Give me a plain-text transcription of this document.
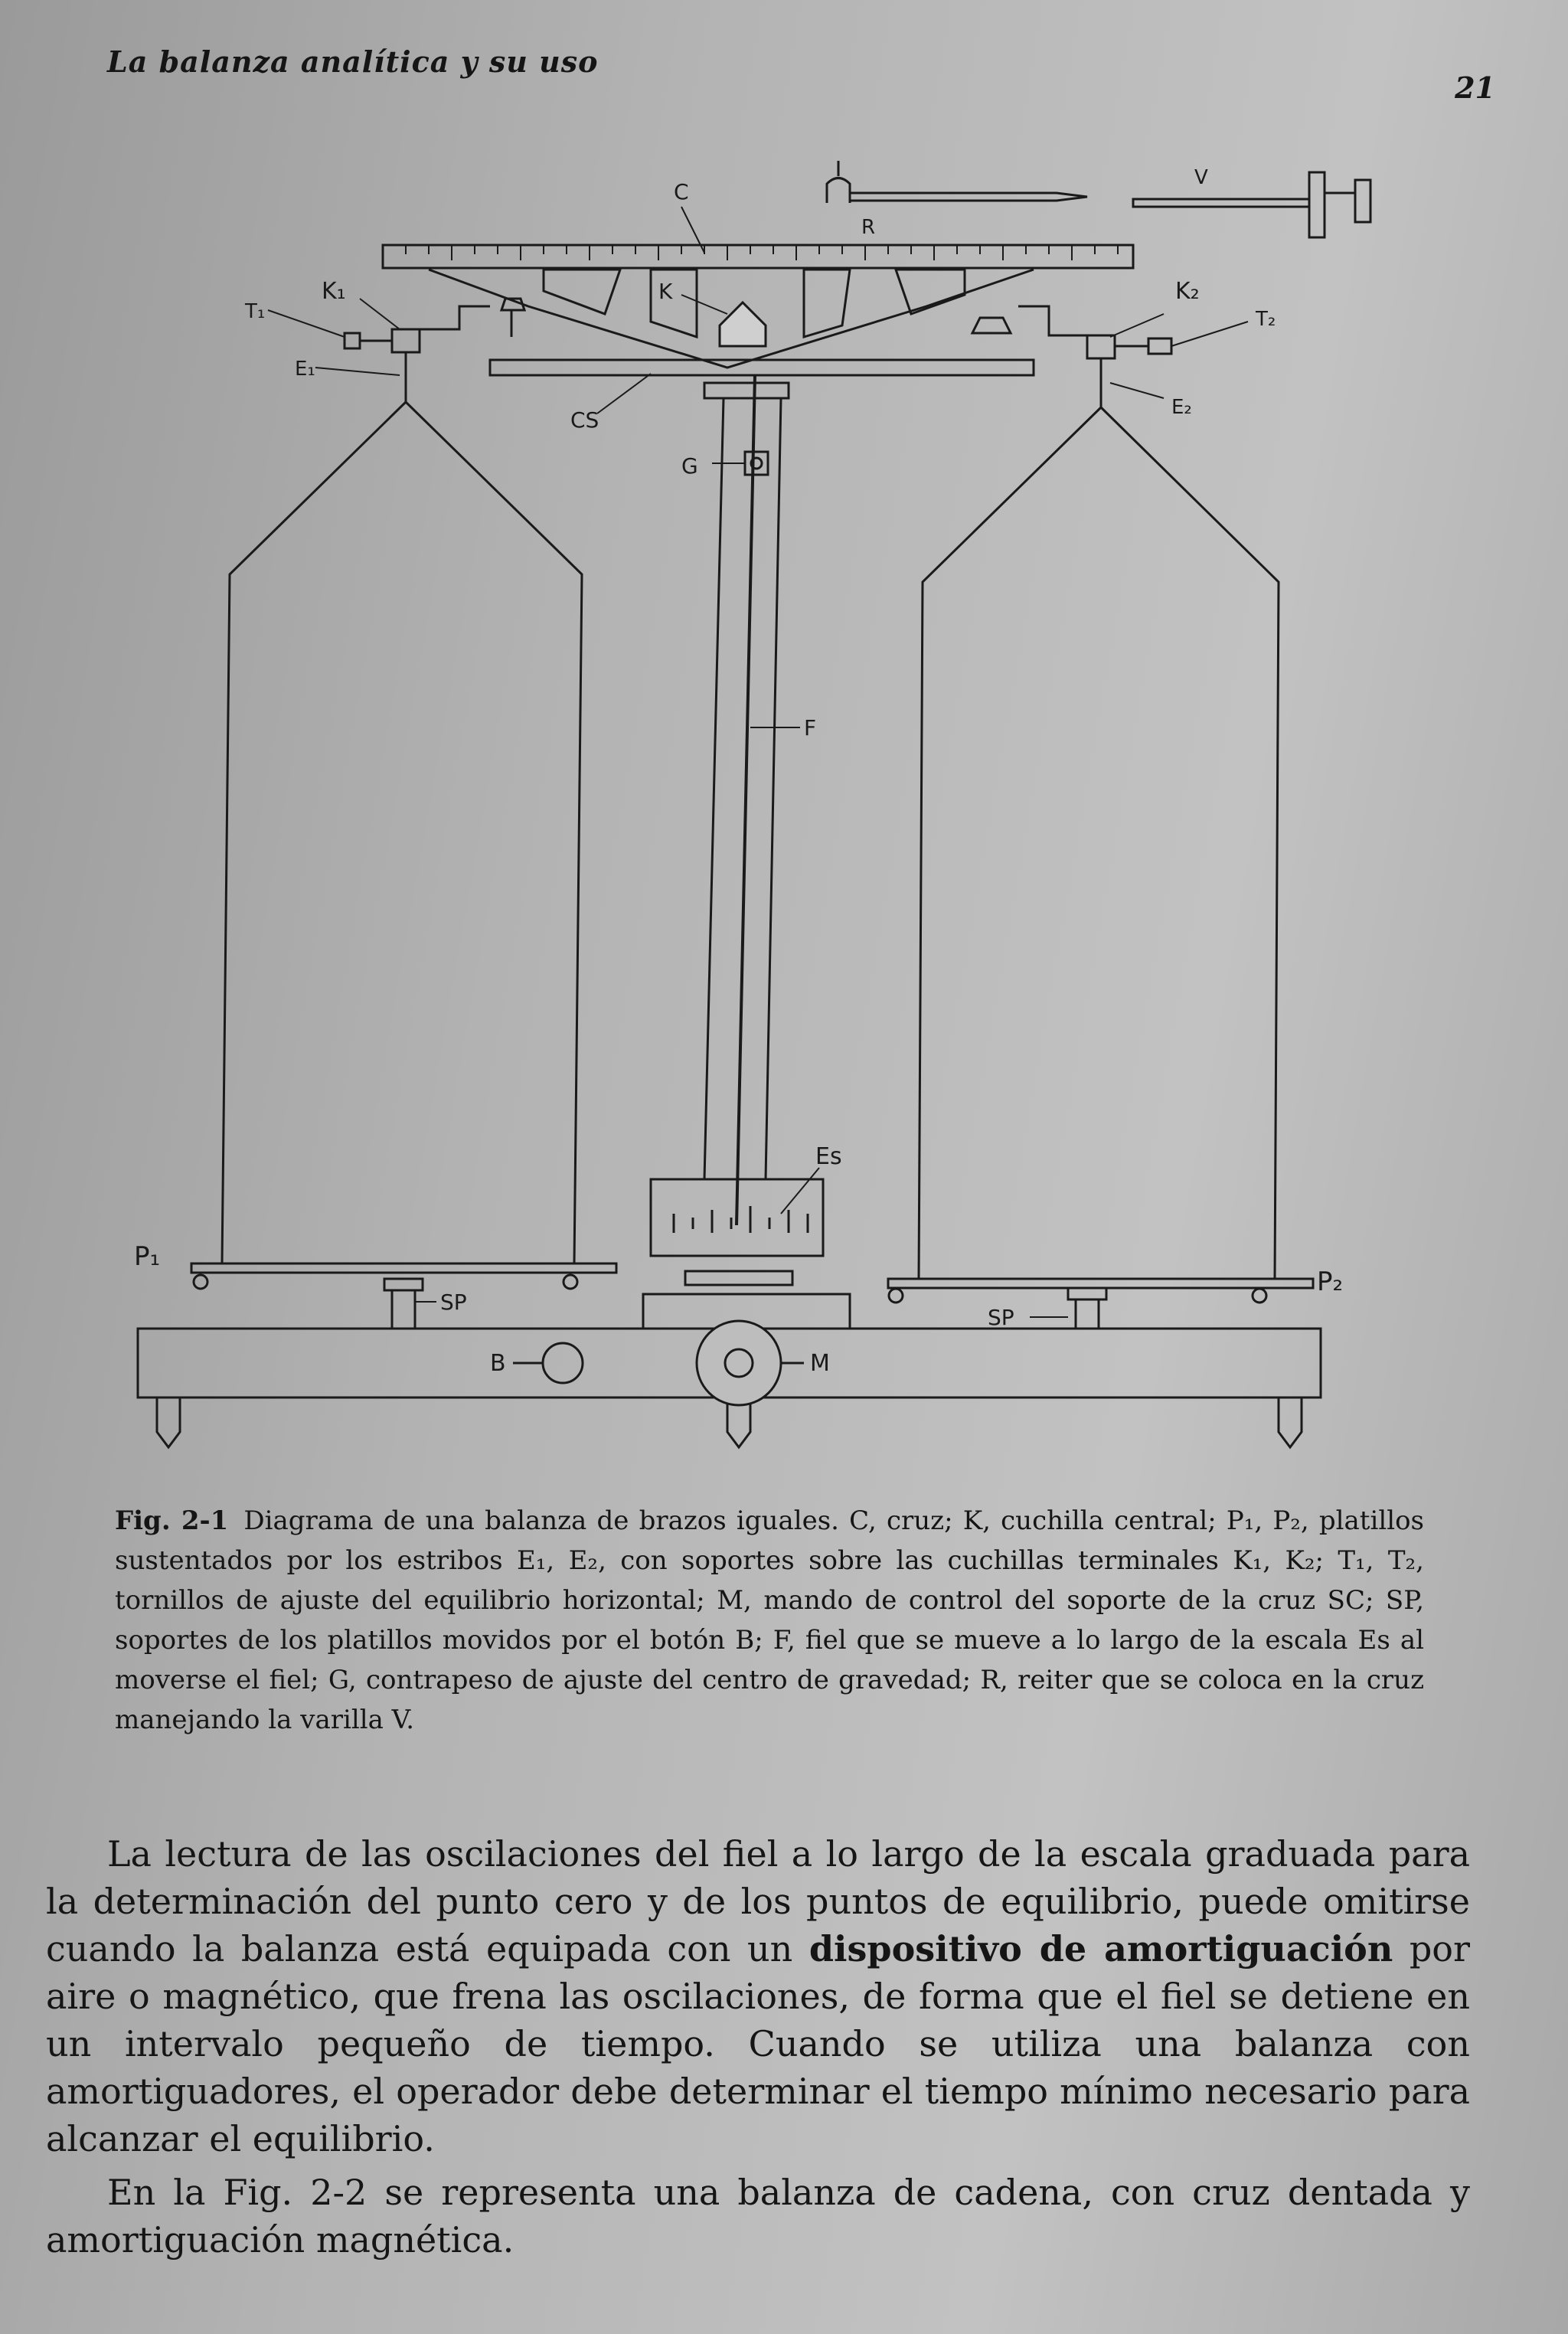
La balanza analítica y su uso
21
C
R
V
K₁
T₁
K
E₁
CS
G
F
Es
K₂
T₂
E₂
P₁
P₂
SP
SP
B	M
Fig. 2-1 Diagrama de una balanza de brazos iguales. C, cruz; K, cuchilla central; P₁, P₂, platillos sustentados por los estribos E₁, E₂, con soportes sobre las cuchillas terminales K₁, K₂; T₁, T₂, tornillos de ajuste del equilibrio horizontal; M, mando de control del soporte de la cruz SC; SP, soportes de los platillos movidos por el botón B; F, fiel que se mueve a lo largo de la escala Es al moverse el fiel; G, contrapeso de ajuste del centro de gravedad; R, reiter que se coloca en la cruz manejando la varilla V.

La lectura de las oscilaciones del fiel a lo largo de la escala graduada para la determinación del punto cero y de los puntos de equilibrio, puede omitirse cuando la balanza está equipada con un dispositivo de amortiguación por aire o magnético, que frena las oscilaciones, de forma que el fiel se detiene en un intervalo pequeño de tiempo. Cuando se utiliza una balanza con amortiguadores, el operador debe determinar el tiempo mínimo necesario para alcanzar el equilibrio.

En la Fig. 2-2 se representa una balanza de cadena, con cruz dentada y amortiguación magnética.
